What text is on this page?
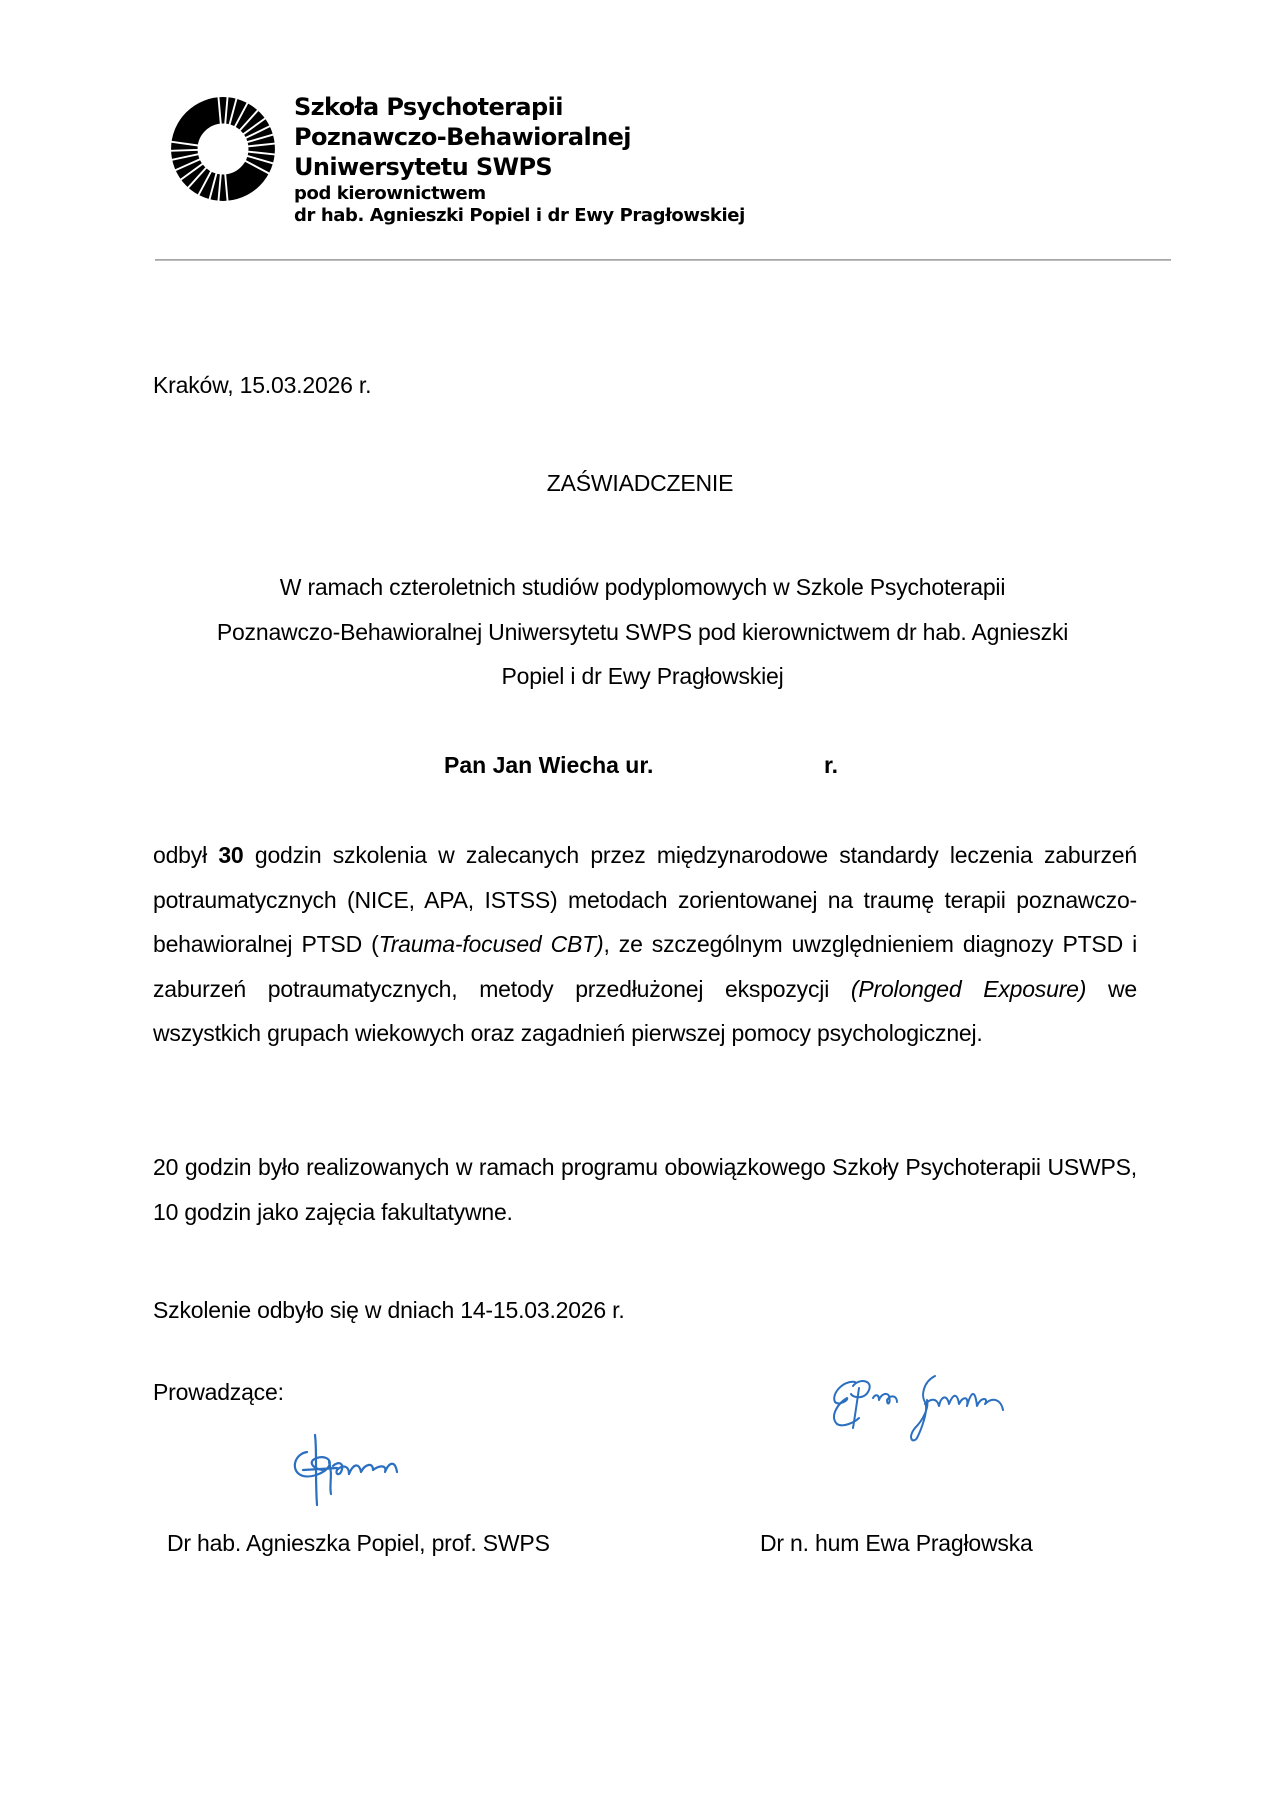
Szkoła Psychoterapii
Poznawczo-Behawioralnej
Uniwersytetu SWPS
pod kierownictwem
dr hab. Agnieszki Popiel i dr Ewy Pragłowskiej
Kraków, 15.03.2026 r.
ZAŚWIADCZENIE
W ramach czteroletnich studiów podyplomowych w Szkole Psychoterapii
Poznawczo-Behawioralnej Uniwersytetu SWPS pod kierownictwem dr hab. Agnieszki
Popiel i dr Ewy Pragłowskiej
Pan Jan Wiecha ur.	r.
odbył 30 godzin szkolenia w zalecanych przez międzynarodowe standardy leczenia zaburzeń potraumatycznych (NICE, APA, ISTSS) metodach zorientowanej na traumę terapii poznawczo-behawioralnej PTSD (Trauma-focused CBT), ze szczególnym uwzględnieniem diagnozy PTSD i zaburzeń potraumatycznych, metody przedłużonej ekspozycji (Prolonged Exposure) we wszystkich grupach wiekowych oraz zagadnień pierwszej pomocy psychologicznej.
20 godzin było realizowanych w ramach programu obowiązkowego Szkoły Psychoterapii USWPS, 10 godzin jako zajęcia fakultatywne.
Szkolenie odbyło się w dniach 14-15.03.2026 r.
Prowadzące:
Dr hab. Agnieszka Popiel, prof. SWPS	Dr n. hum Ewa Pragłowska
